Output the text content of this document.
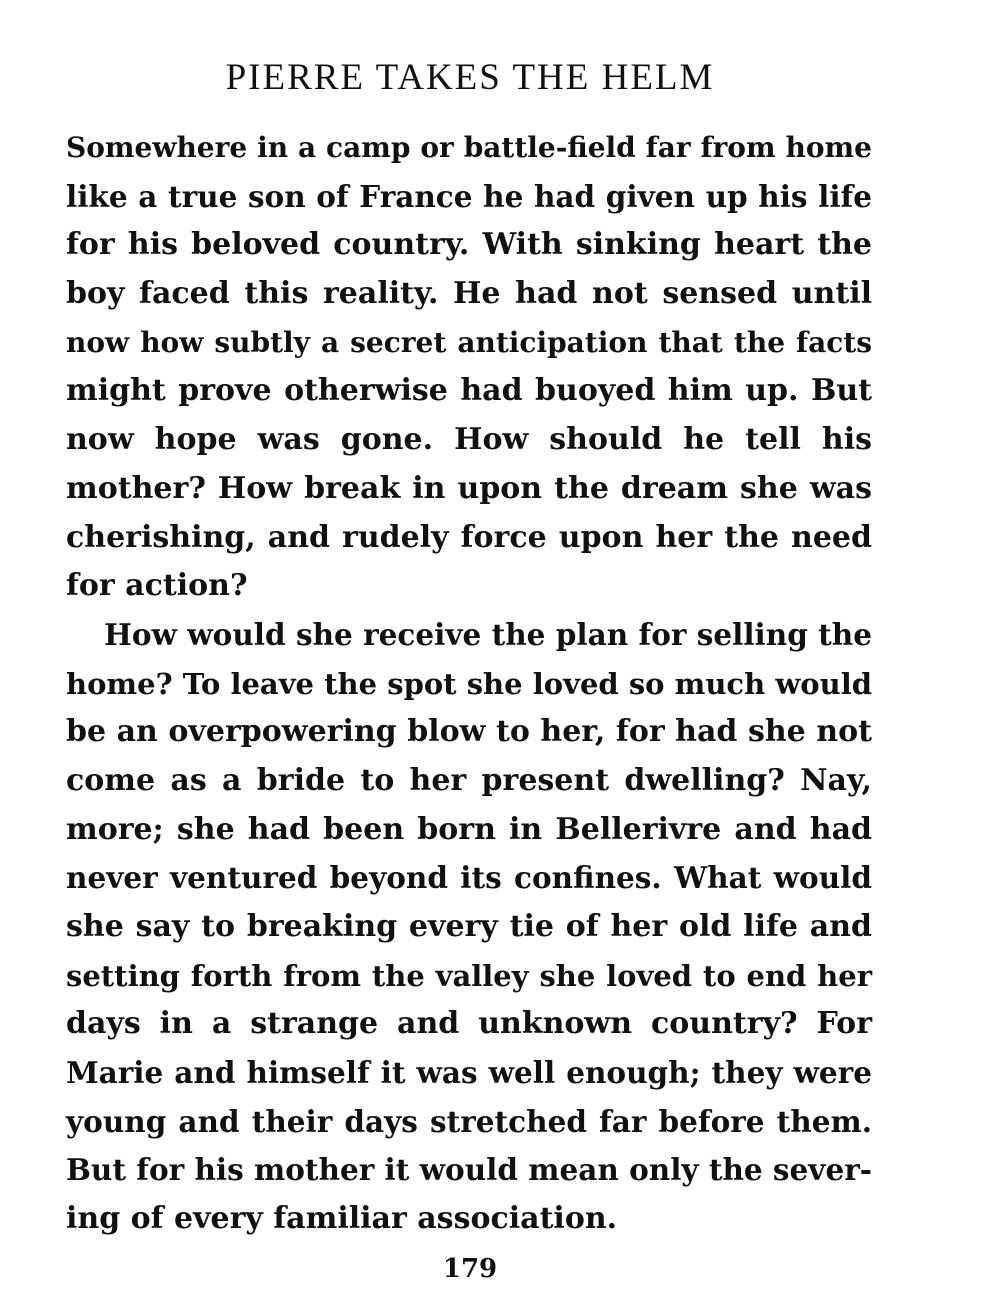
PIERRE TAKES THE HELM
Somewhere in a camp or battle-field far from home
like a true son of France he had given up his life
for his beloved country. With sinking heart the
boy faced this reality. He had not sensed until
now how subtly a secret anticipation that the facts
might prove otherwise had buoyed him up. But
now hope was gone. How should he tell his
mother? How break in upon the dream she was
cherishing, and rudely force upon her the need
for action?
How would she receive the plan for selling the
home? To leave the spot she loved so much would
be an overpowering blow to her, for had she not
come as a bride to her present dwelling? Nay,
more; she had been born in Bellerivre and had
never ventured beyond its confines. What would
she say to breaking every tie of her old life and
setting forth from the valley she loved to end her
days in a strange and unknown country? For
Marie and himself it was well enough; they were
young and their days stretched far before them.
But for his mother it would mean only the sever-
ing of every familiar association.
179
